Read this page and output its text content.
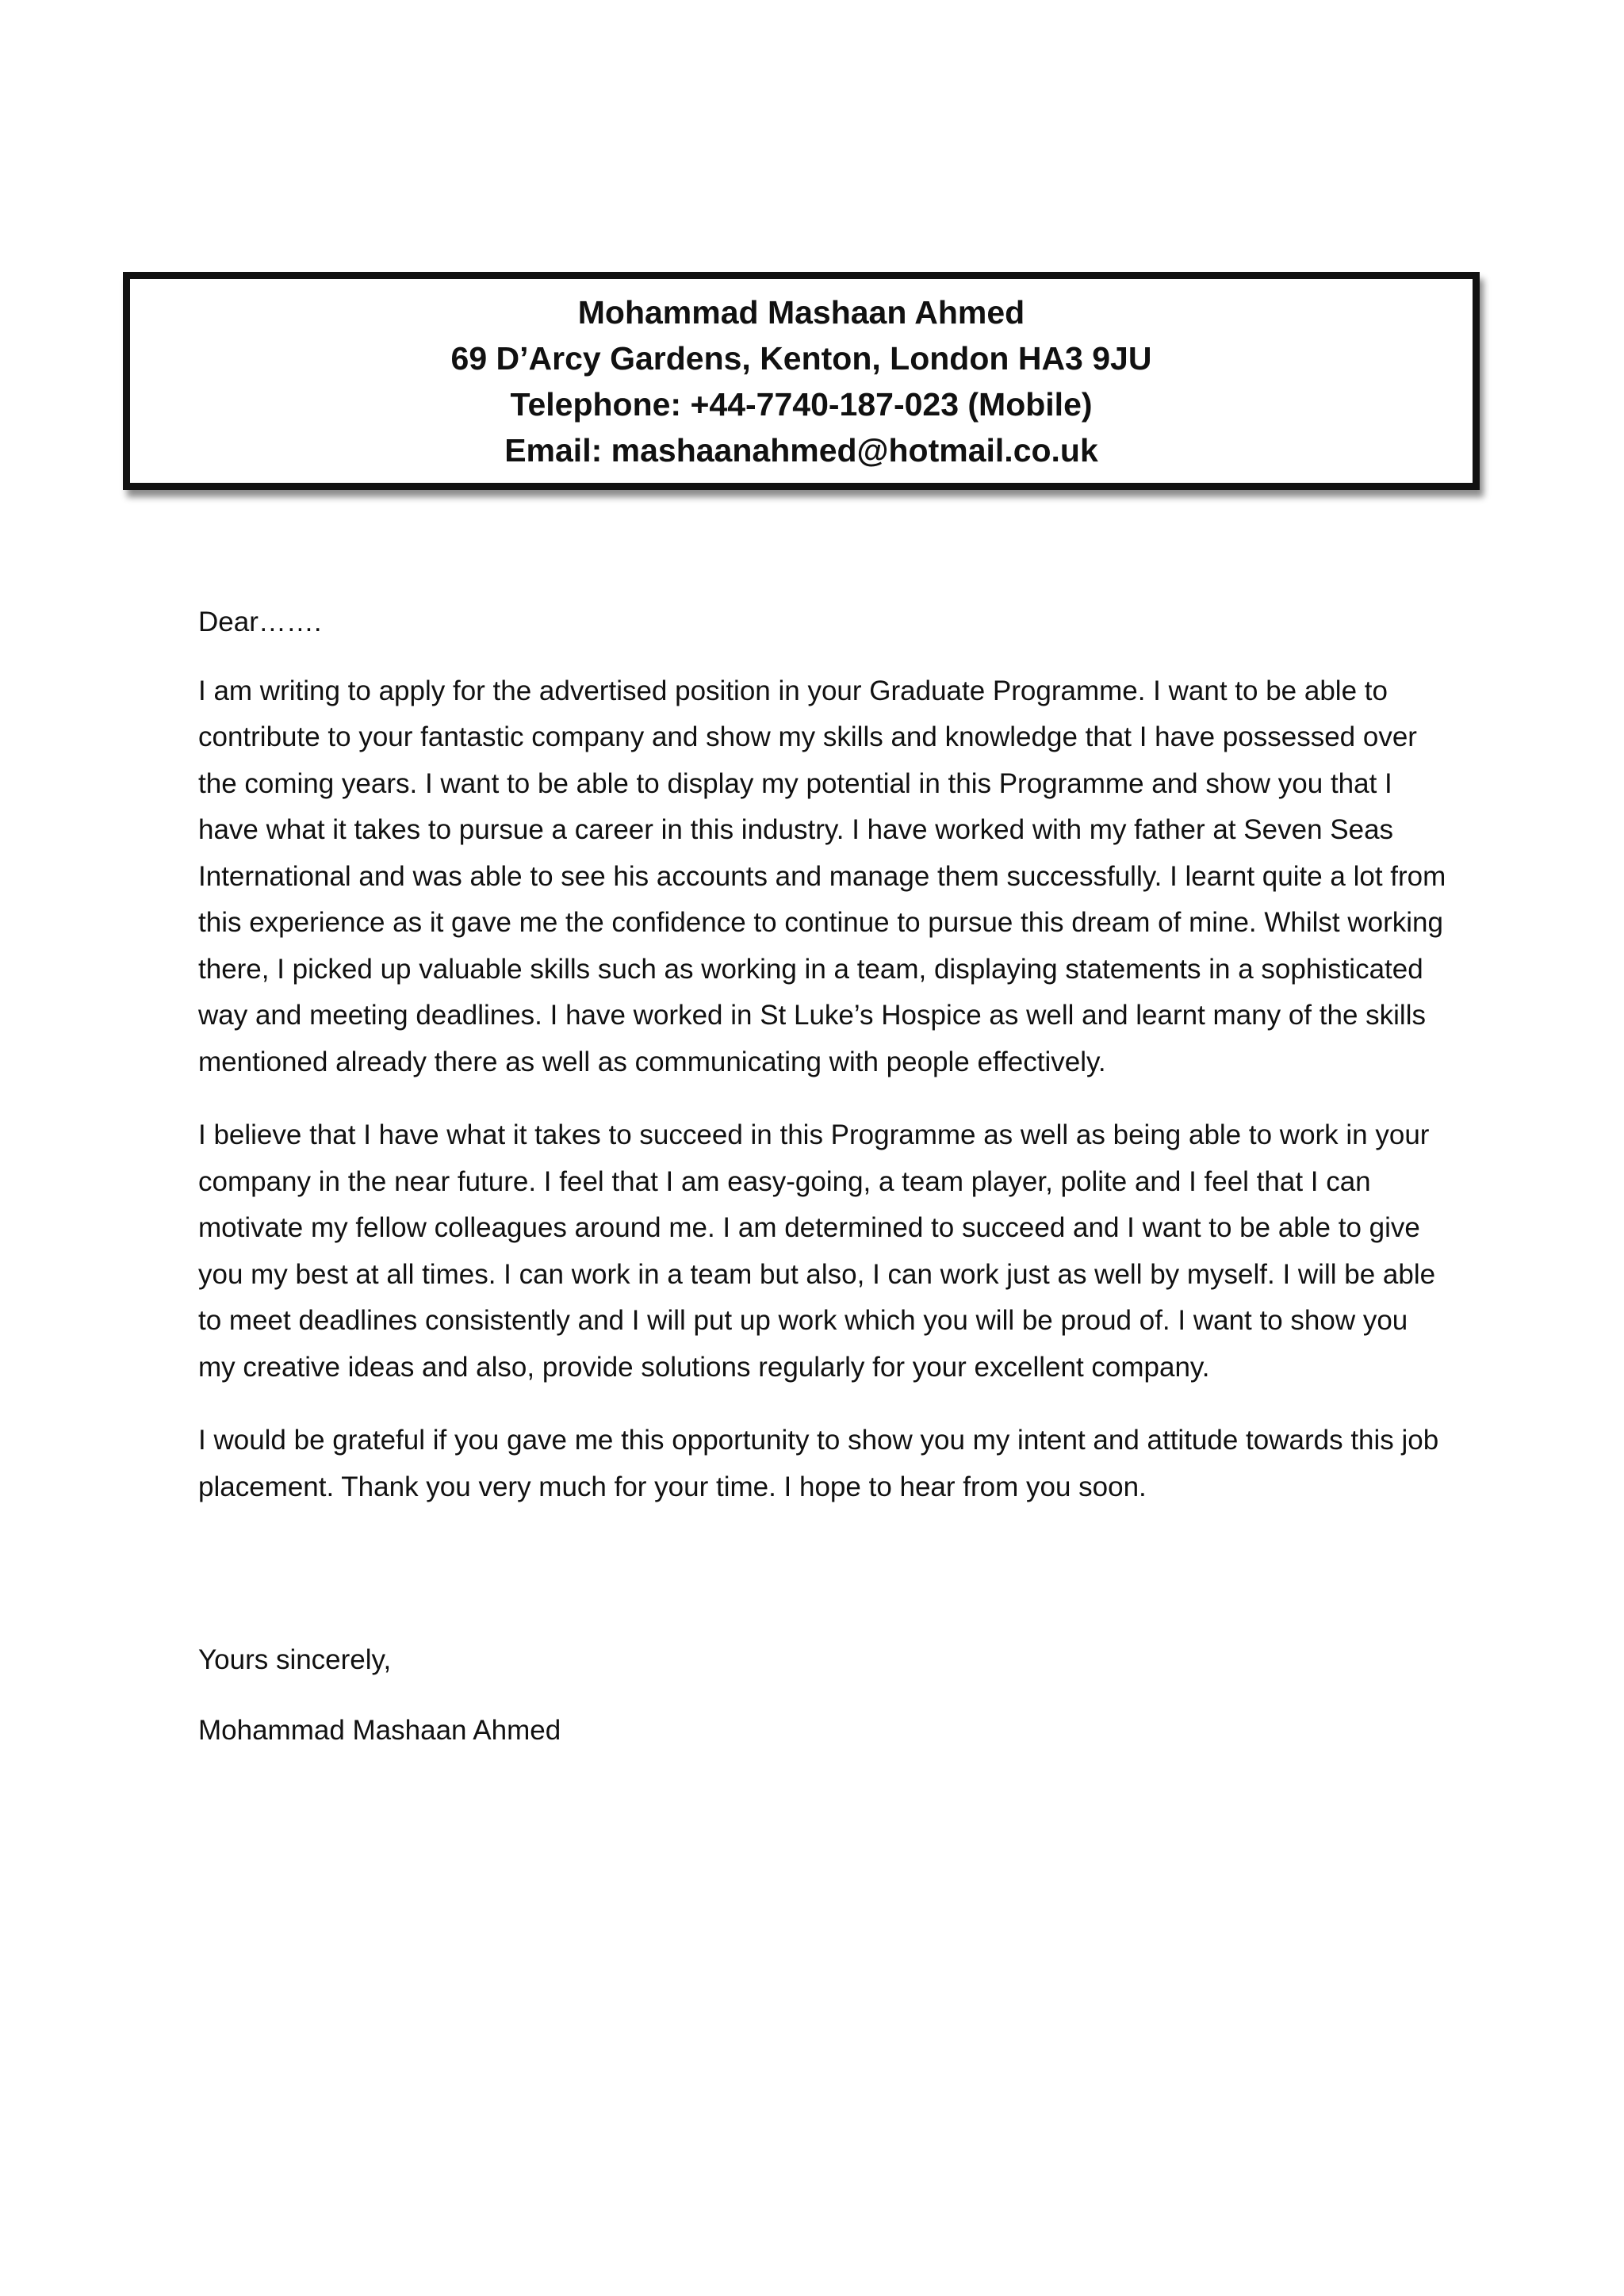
Mohammad Mashaan Ahmed
69 D’Arcy Gardens, Kenton, London HA3 9JU
Telephone: +44-7740-187-023 (Mobile)
Email: mashaanahmed@hotmail.co.uk

Dear…….

I am writing to apply for the advertised position in your Graduate Programme. I want to be able to contribute to your fantastic company and show my skills and knowledge that I have possessed over the coming years. I want to be able to display my potential in this Programme and show you that I have what it takes to pursue a career in this industry. I have worked with my father at Seven Seas International and was able to see his accounts and manage them successfully. I learnt quite a lot from this experience as it gave me the confidence to continue to pursue this dream of mine. Whilst working there, I picked up valuable skills such as working in a team, displaying statements in a sophisticated way and meeting deadlines. I have worked in St Luke’s Hospice as well and learnt many of the skills mentioned already there as well as communicating with people effectively.

I believe that I have what it takes to succeed in this Programme as well as being able to work in your company in the near future. I feel that I am easy-going, a team player, polite and I feel that I can motivate my fellow colleagues around me. I am determined to succeed and I want to be able to give you my best at all times. I can work in a team but also, I can work just as well by myself. I will be able to meet deadlines consistently and I will put up work which you will be proud of. I want to show you my creative ideas and also, provide solutions regularly for your excellent company.

I would be grateful if you gave me this opportunity to show you my intent and attitude towards this job placement. Thank you very much for your time. I hope to hear from you soon.

Yours sincerely,

Mohammad Mashaan Ahmed
